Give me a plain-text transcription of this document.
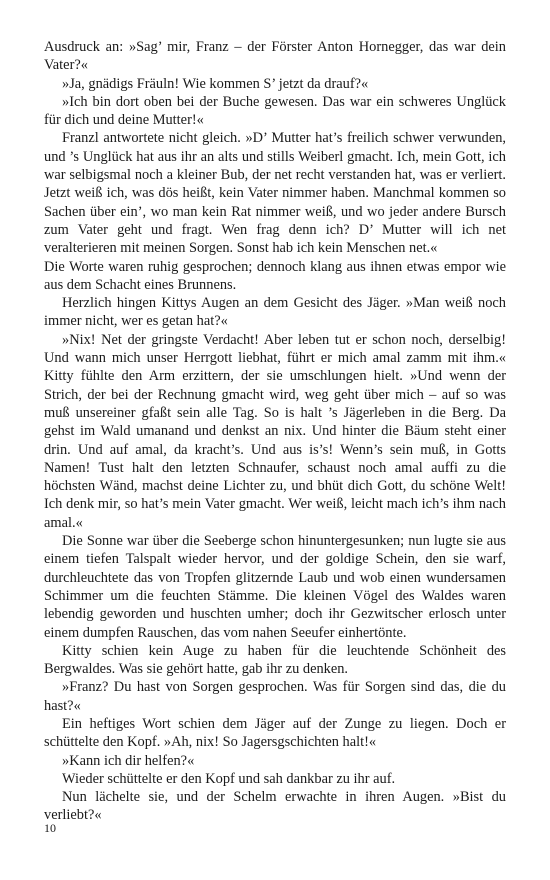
Ausdruck an: »Sag’ mir, Franz – der Förster Anton Hornegger, das war dein Vater?«

»Ja, gnädigs Fräuln! Wie kommen S’ jetzt da drauf?«

»Ich bin dort oben bei der Buche gewesen. Das war ein schweres Unglück für dich und deine Mutter!«

Franzl antwortete nicht gleich. »D’ Mutter hat’s freilich schwer verwunden, und ’s Unglück hat aus ihr an alts und stills Weiberl gmacht. Ich, mein Gott, ich war selbigsmal noch a kleiner Bub, der net recht verstanden hat, was er verliert. Jetzt weiß ich, was dös heißt, kein Vater nimmer haben. Manchmal kommen so Sachen über ein’, wo man kein Rat nimmer weiß, und wo jeder andere Bursch zum Vater geht und fragt. Wen frag denn ich? D’ Mutter will ich net veralterieren mit meinen Sorgen. Sonst hab ich kein Menschen net.«

Die Worte waren ruhig gesprochen; dennoch klang aus ihnen etwas empor wie aus dem Schacht eines Brunnens.

Herzlich hingen Kittys Augen an dem Gesicht des Jäger. »Man weiß noch immer nicht, wer es getan hat?«

»Nix! Net der gringste Verdacht! Aber leben tut er schon noch, derselbig! Und wann mich unser Herrgott liebhat, führt er mich amal zamm mit ihm.« Kitty fühlte den Arm erzittern, der sie umschlungen hielt. »Und wenn der Strich, der bei der Rechnung gmacht wird, weg geht über mich – auf so was muß unsereiner gfaßt sein alle Tag. So is halt ’s Jägerleben in die Berg. Da gehst im Wald umanand und denkst an nix. Und hinter die Bäum steht einer drin. Und auf amal, da kracht’s. Und aus is’s! Wenn’s sein muß, in Gotts Namen! Tust halt den letzten Schnaufer, schaust noch amal auffi zu die höchsten Wänd, machst deine Lichter zu, und bhüt dich Gott, du schöne Welt! Ich denk mir, so hat’s mein Vater gmacht. Wer weiß, leicht mach ich’s ihm nach amal.«

Die Sonne war über die Seeberge schon hinuntergesunken; nun lugte sie aus einem tiefen Talspalt wieder hervor, und der goldige Schein, den sie warf, durchleuchtete das von Tropfen glitzernde Laub und wob einen wundersamen Schimmer um die feuchten Stämme. Die kleinen Vögel des Waldes waren lebendig geworden und huschten umher; doch ihr Gezwitscher erlosch unter einem dumpfen Rauschen, das vom nahen Seeufer einhertönte.

Kitty schien kein Auge zu haben für die leuchtende Schönheit des Bergwaldes. Was sie gehört hatte, gab ihr zu denken.

»Franz? Du hast von Sorgen gesprochen. Was für Sorgen sind das, die du hast?«

Ein heftiges Wort schien dem Jäger auf der Zunge zu liegen. Doch er schüttelte den Kopf. »Ah, nix! So Jagersgschichten halt!«

»Kann ich dir helfen?«

Wieder schüttelte er den Kopf und sah dankbar zu ihr auf.

Nun lächelte sie, und der Schelm erwachte in ihren Augen. »Bist du verliebt?«

10
